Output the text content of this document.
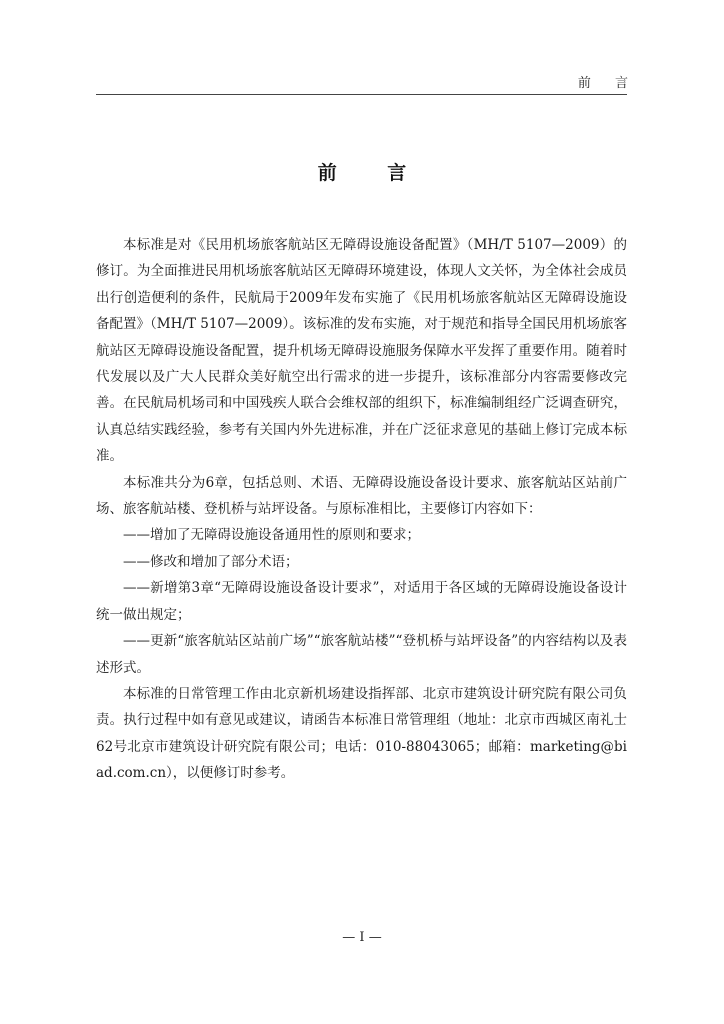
前 言
前 言

本标准是对《民用机场旅客航站区无障碍设施设备配置》（MH/T 5107—2009）的修订。为全面推进民用机场旅客航站区无障碍环境建设，体现人文关怀，为全体社会成员出行创造便利的条件，民航局于2009年发布实施了《民用机场旅客航站区无障碍设施设备配置》（MH/T 5107—2009）。该标准的发布实施，对于规范和指导全国民用机场旅客航站区无障碍设施设备配置，提升机场无障碍设施服务保障水平发挥了重要作用。随着时代发展以及广大人民群众美好航空出行需求的进一步提升，该标准部分内容需要修改完善。在民航局机场司和中国残疾人联合会维权部的组织下，标准编制组经广泛调查研究，认真总结实践经验，参考有关国内外先进标准，并在广泛征求意见的基础上修订完成本标准。

本标准共分为6章，包括总则、术语、无障碍设施设备设计要求、旅客航站区站前广场、旅客航站楼、登机桥与站坪设备。与原标准相比，主要修订内容如下：

——增加了无障碍设施设备通用性的原则和要求；

——修改和增加了部分术语；

——新增第3章“无障碍设施设备设计要求”，对适用于各区域的无障碍设施设备设计统一做出规定；

——更新“旅客航站区站前广场”“旅客航站楼”“登机桥与站坪设备”的内容结构以及表述形式。

本标准的日常管理工作由北京新机场建设指挥部、北京市建筑设计研究院有限公司负责。执行过程中如有意见或建议，请函告本标准日常管理组（地址：北京市西城区南礼士62号北京市建筑设计研究院有限公司；电话：010-88043065；邮箱：marketing@biad.com.cn），以便修订时参考。

— Ⅰ —
